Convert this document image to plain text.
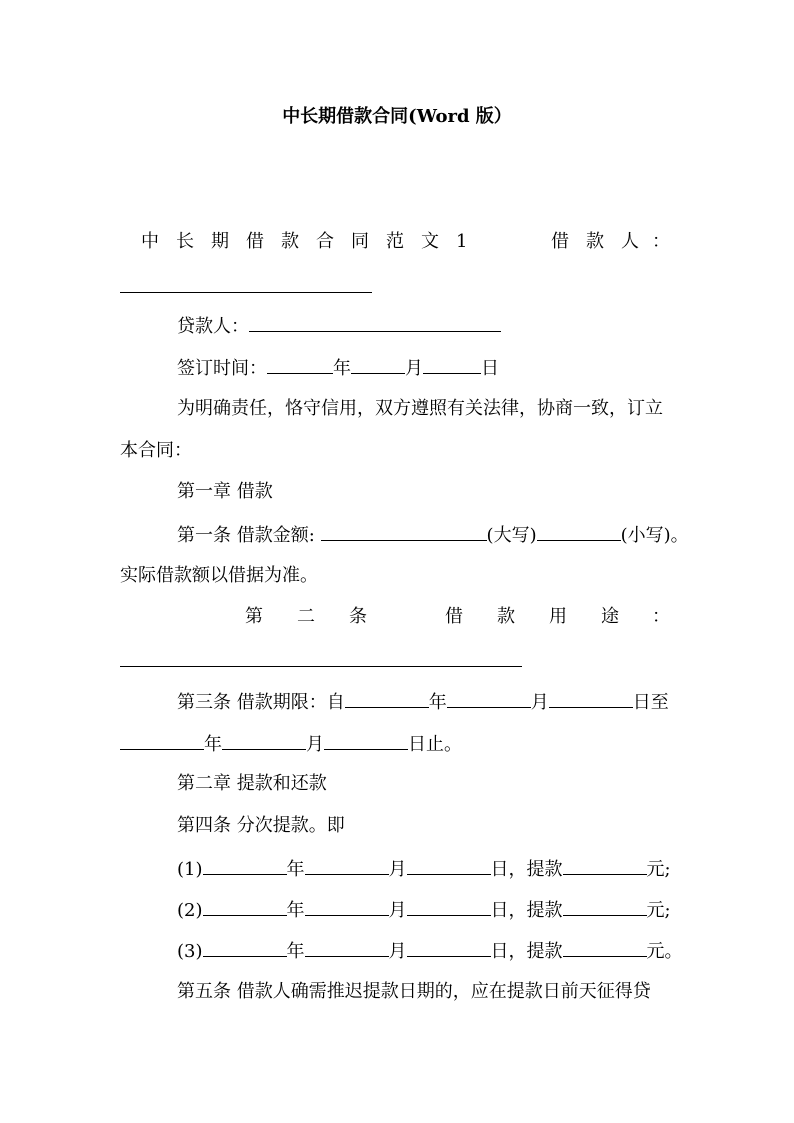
中长期借款合同(Word 版）
中 长 期 借 款 合 同 范 文 1	借 款 人 ：
贷款人：
签订时间：	年	月	日
为明确责任，恪守信用，双方遵照有关法律，协商一致，订立
本合同：
第一章 借款
第一条 借款金额:	(大写)	(小写)。
实际借款额以借据为准。
第 二 条	借 款 用 途 ：
第三条 借款期限：自	年	月	日至
年	月	日止。
第二章 提款和还款
第四条 分次提款。即
(1)	年	月	日，提款	元;
(2)	年	月	日，提款	元;
(3)	年	月	日，提款	元。
第五条 借款人确需推迟提款日期的，应在提款日前天征得贷
